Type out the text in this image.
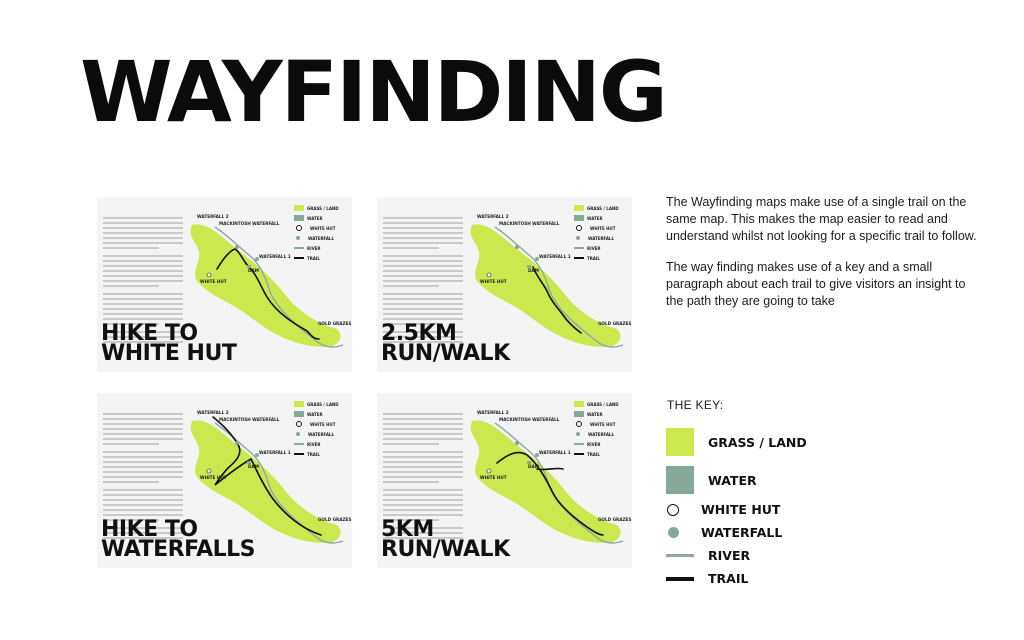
WAYFINDING
WATERFALL 2
MACKINTOSH WATERFALL
WATERFALL 1
DAM
WHITE HUT
GOLD GRAZES
GRASS / LAND
WATER
WHITE HUT
WATERFALL
RIVER
TRAIL
HIKE TO
WHITE HUT
WATERFALL 2
MACKINTOSH WATERFALL
WATERFALL 1
DAM
WHITE HUT
GOLD GRAZES
GRASS / LAND
WATER
WHITE HUT
WATERFALL
RIVER
TRAIL
2.5KM
RUN/WALK
WATERFALL 2
MACKINTOSH WATERFALL
WATERFALL 1
DAM
WHITE HUT
GOLD GRAZES
GRASS / LAND
WATER
WHITE HUT
WATERFALL
RIVER
TRAIL
HIKE TO
WATERFALLS
WATERFALL 2
MACKINTOSH WATERFALL
WATERFALL 1
DAM
WHITE HUT
GOLD GRAZES
GRASS / LAND
WATER
WHITE HUT
WATERFALL
RIVER
TRAIL
5KM
RUN/WALK

The Wayfinding maps make use of a single trail on the same map. This makes the map easier to read and understand whilst not looking for a specific trail to follow.

The way finding makes use of a key and a small paragraph about each trail to give visitors an insight to the path they are going to take

THE KEY:
GRASS / LAND
WATER
WHITE HUT
WATERFALL
RIVER
TRAIL
